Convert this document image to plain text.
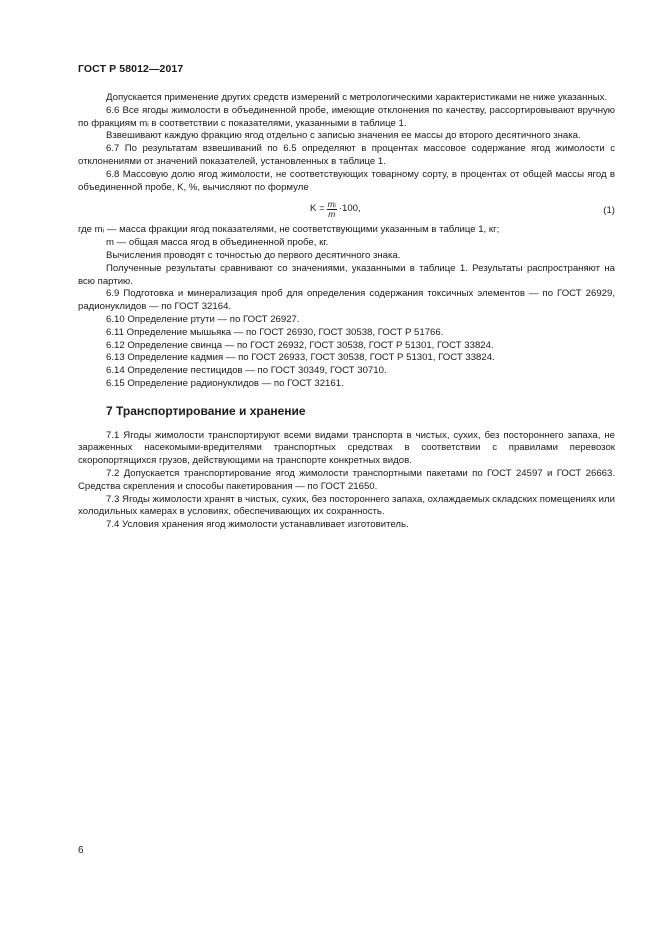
ГОСТ Р 58012—2017

Допускается применение других средств измерений с метрологическими характеристиками не ниже указанных.

6.6 Все ягоды жимолости в объединенной пробе, имеющие отклонения по качеству, рассортировывают вручную по фракциям mᵢ в соответствии с показателями, указанными в таблице 1.

Взвешивают каждую фракцию ягод отдельно с записью значения ее массы до второго десятичного знака.

6.7 По результатам взвешиваний по 6.5 определяют в процентах массовое содержание ягод жимолости с отклонениями от значений показателей, установленных в таблице 1.

6.8 Массовую долю ягод жимолости, не соответствующих товарному сорту, в процентах от общей массы ягод в объединенной пробе, K, %, вычисляют по формуле

$K = \frac{\text{mᵢ}}{m} \cdot 100$,	(1)

где mᵢ — масса фракции ягод показателями, не соответствующими указанным в таблице 1, кг;

m — общая масса ягод в объединенной пробе, кг.

Вычисления проводят с точностью до первого десятичного знака.

Полученные результаты сравнивают со значениями, указанными в таблице 1. Результаты распространяют на всю партию.

6.9 Подготовка и минерализация проб для определения содержания токсичных элементов — по ГОСТ 26929, радионуклидов — по ГОСТ 32164.

6.10 Определение ртути — по ГОСТ 26927.

6.11 Определение мышьяка — по ГОСТ 26930, ГОСТ 30538, ГОСТ Р 51766.

6.12 Определение свинца — по ГОСТ 26932, ГОСТ 30538, ГОСТ Р 51301, ГОСТ 33824.

6.13 Определение кадмия — по ГОСТ 26933, ГОСТ 30538, ГОСТ Р 51301, ГОСТ 33824.

6.14 Определение пестицидов — по ГОСТ 30349, ГОСТ 30710.

6.15 Определение радионуклидов — по ГОСТ 32161.

7 Транспортирование и хранение

7.1 Ягоды жимолости транспортируют всеми видами транспорта в чистых, сухих, без постороннего запаха, не зараженных насекомыми-вредителями транспортных средствах в соответствии с правилами перевозок скоропортящихся грузов, действующими на транспорте конкретных видов.

7.2 Допускается транспортирование ягод жимолости транспортными пакетами по ГОСТ 24597 и ГОСТ 26663. Средства скрепления и способы пакетирования — по ГОСТ 21650.

7.3 Ягоды жимолости хранят в чистых, сухих, без постороннего запаха, охлаждаемых складских помещениях или холодильных камерах в условиях, обеспечивающих их сохранность.

7.4 Условия хранения ягод жимолости устанавливает изготовитель.

6
